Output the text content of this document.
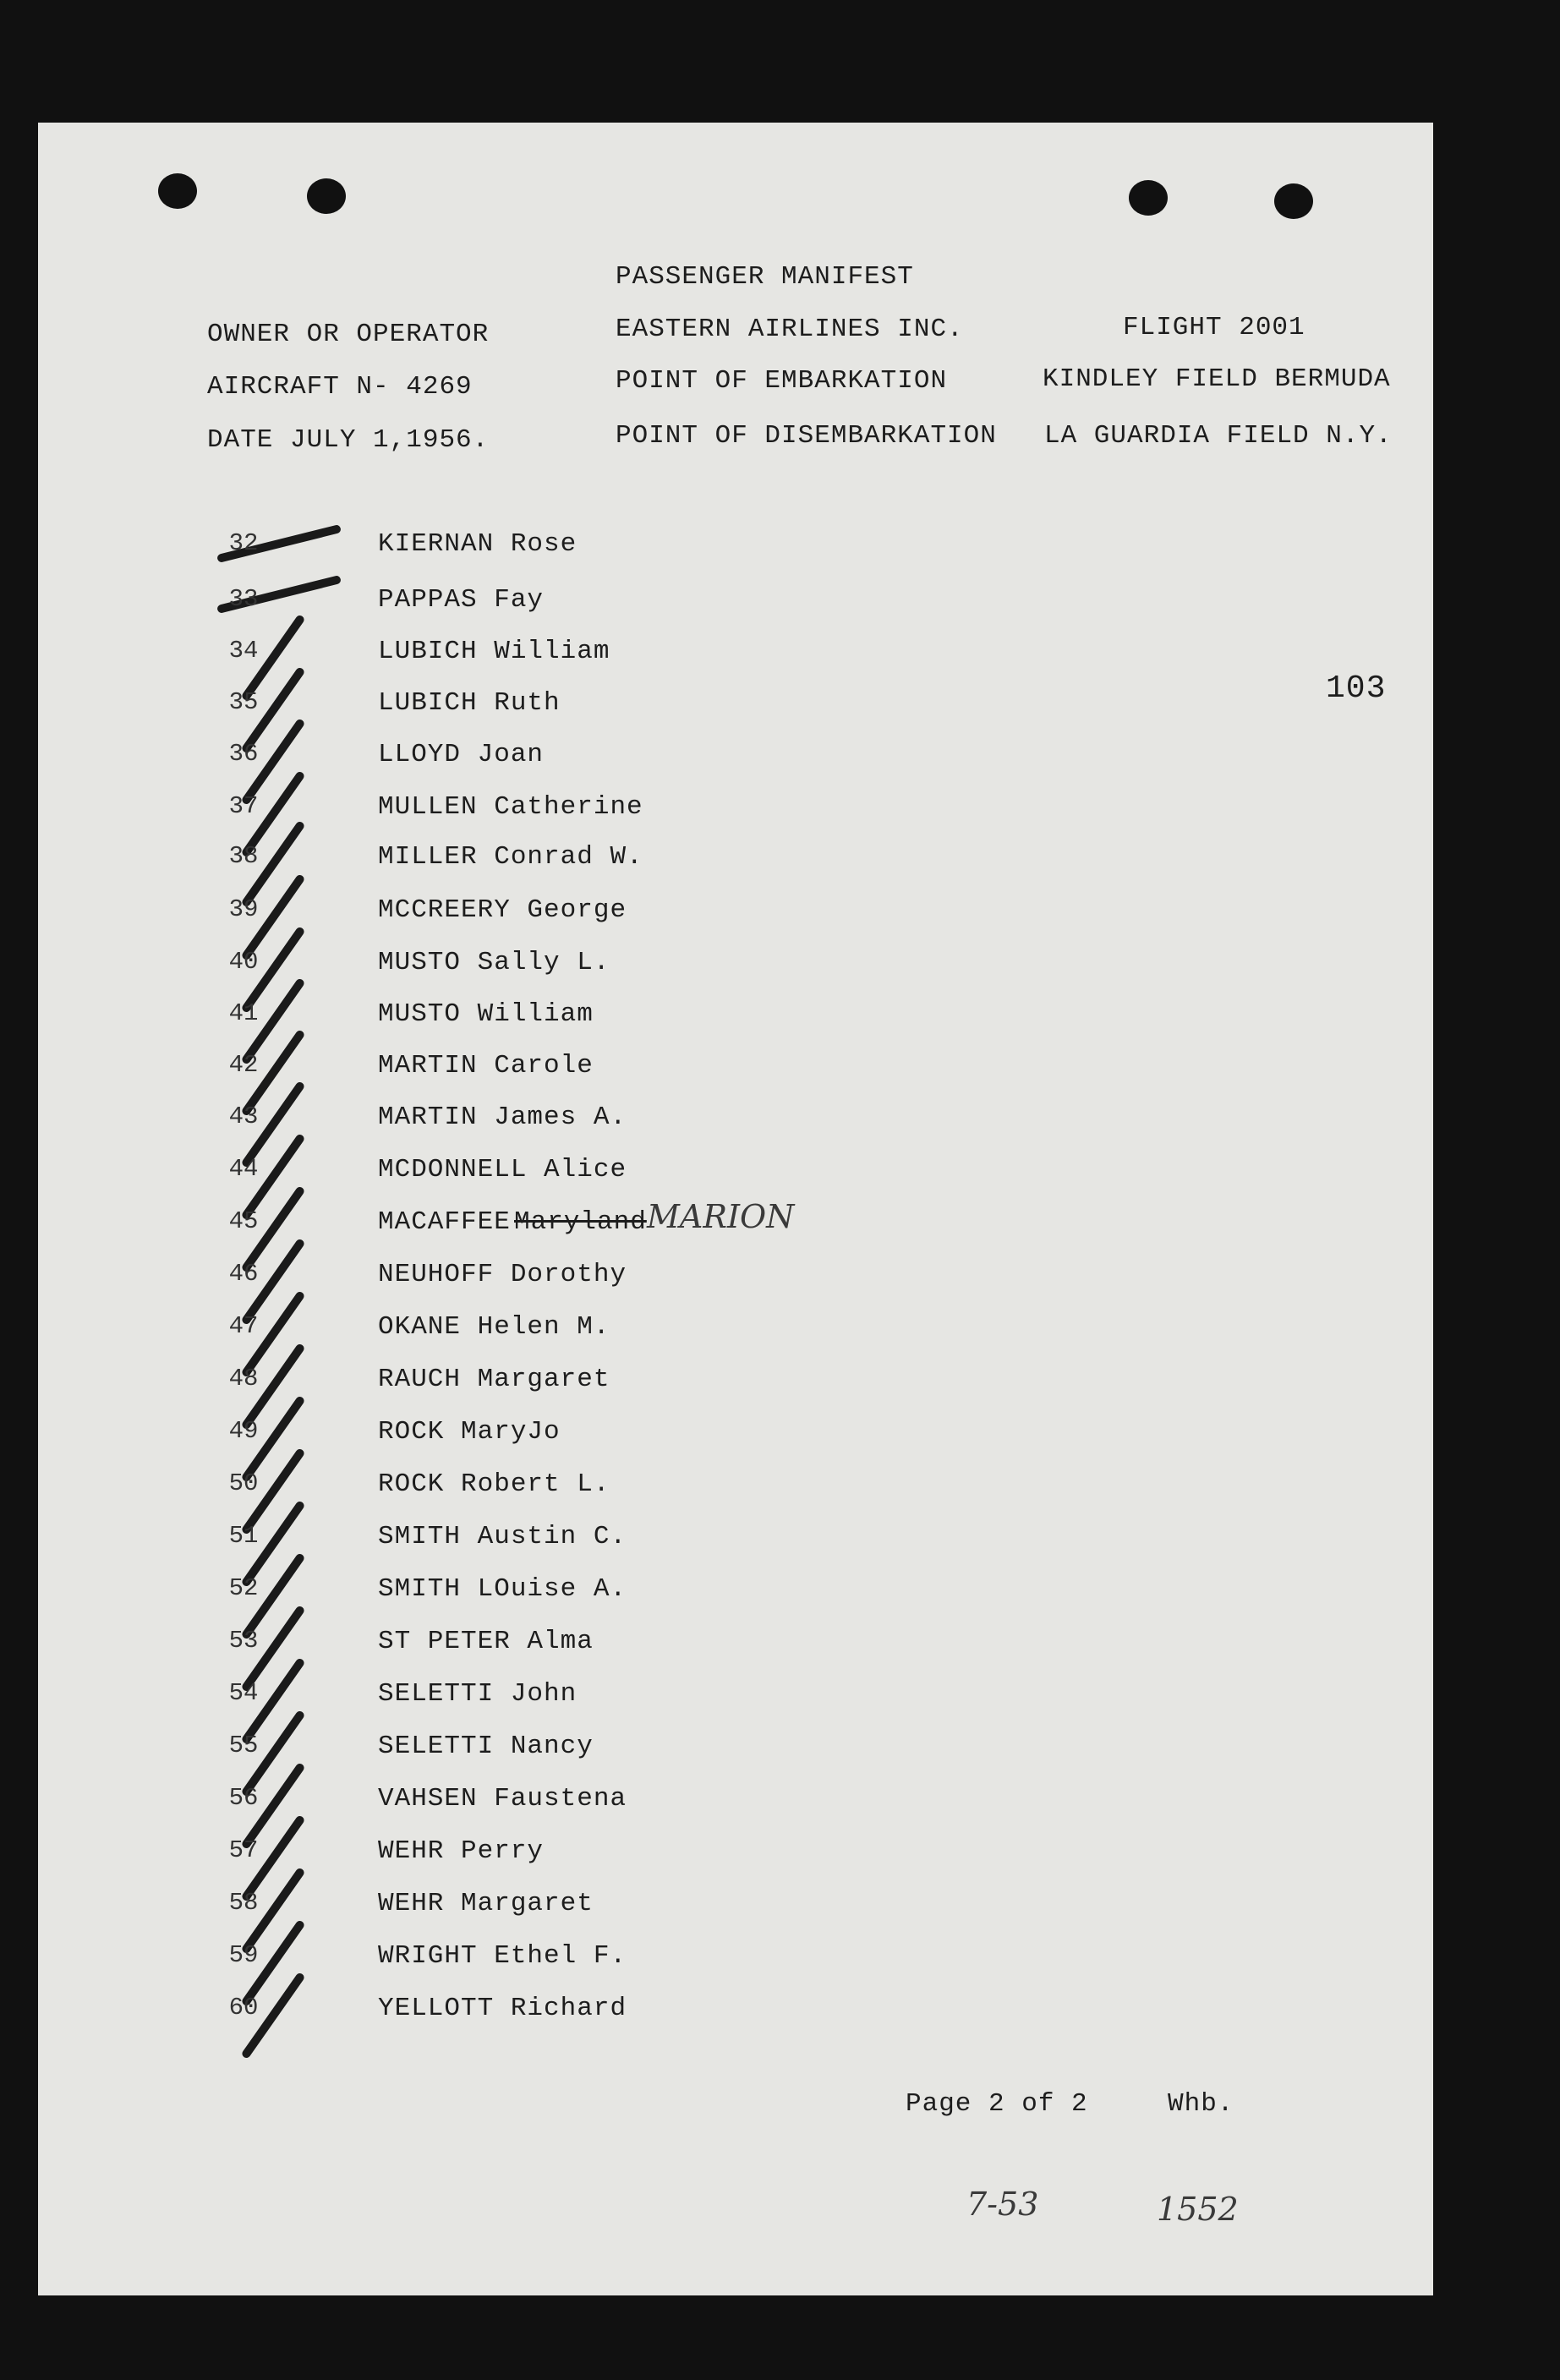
PASSENGER MANIFEST
OWNER OR OPERATOR	EASTERN AIRLINES INC.	FLIGHT 2001
AIRCRAFT N- 4269	POINT OF EMBARKATION	KINDLEY FIELD BERMUDA
DATE JULY 1,1956.	POINT OF DISEMBARKATION LA GUARDIA FIELD N.Y.
103
32	KIERNAN Rose
33	PAPPAS Fay
34	LUBICH William
35	LUBICH Ruth
36	LLOYD Joan
37	MULLEN Catherine
38	MILLER Conrad W.
39	MCCREERY George
40	MUSTO Sally L.
41	MUSTO William
42	MARTIN Carole
43	MARTIN James A.
44	MCDONNELL Alice
45	MACAFFEE Maryland MARION
46	NEUHOFF Dorothy
47	OKANE Helen M.
48	RAUCH Margaret
49	ROCK MaryJo
50	ROCK Robert L.
51	SMITH Austin C.
52	SMITH LOuise A.
53	ST PETER Alma
54	SELETTI John
55	SELETTI Nancy
56	VAHSEN Faustena
57	WEHR Perry
58	WEHR Margaret
59	WRIGHT Ethel F.
60	YELLOTT Richard
Page 2 of 2	Whb.
7-53	1552
